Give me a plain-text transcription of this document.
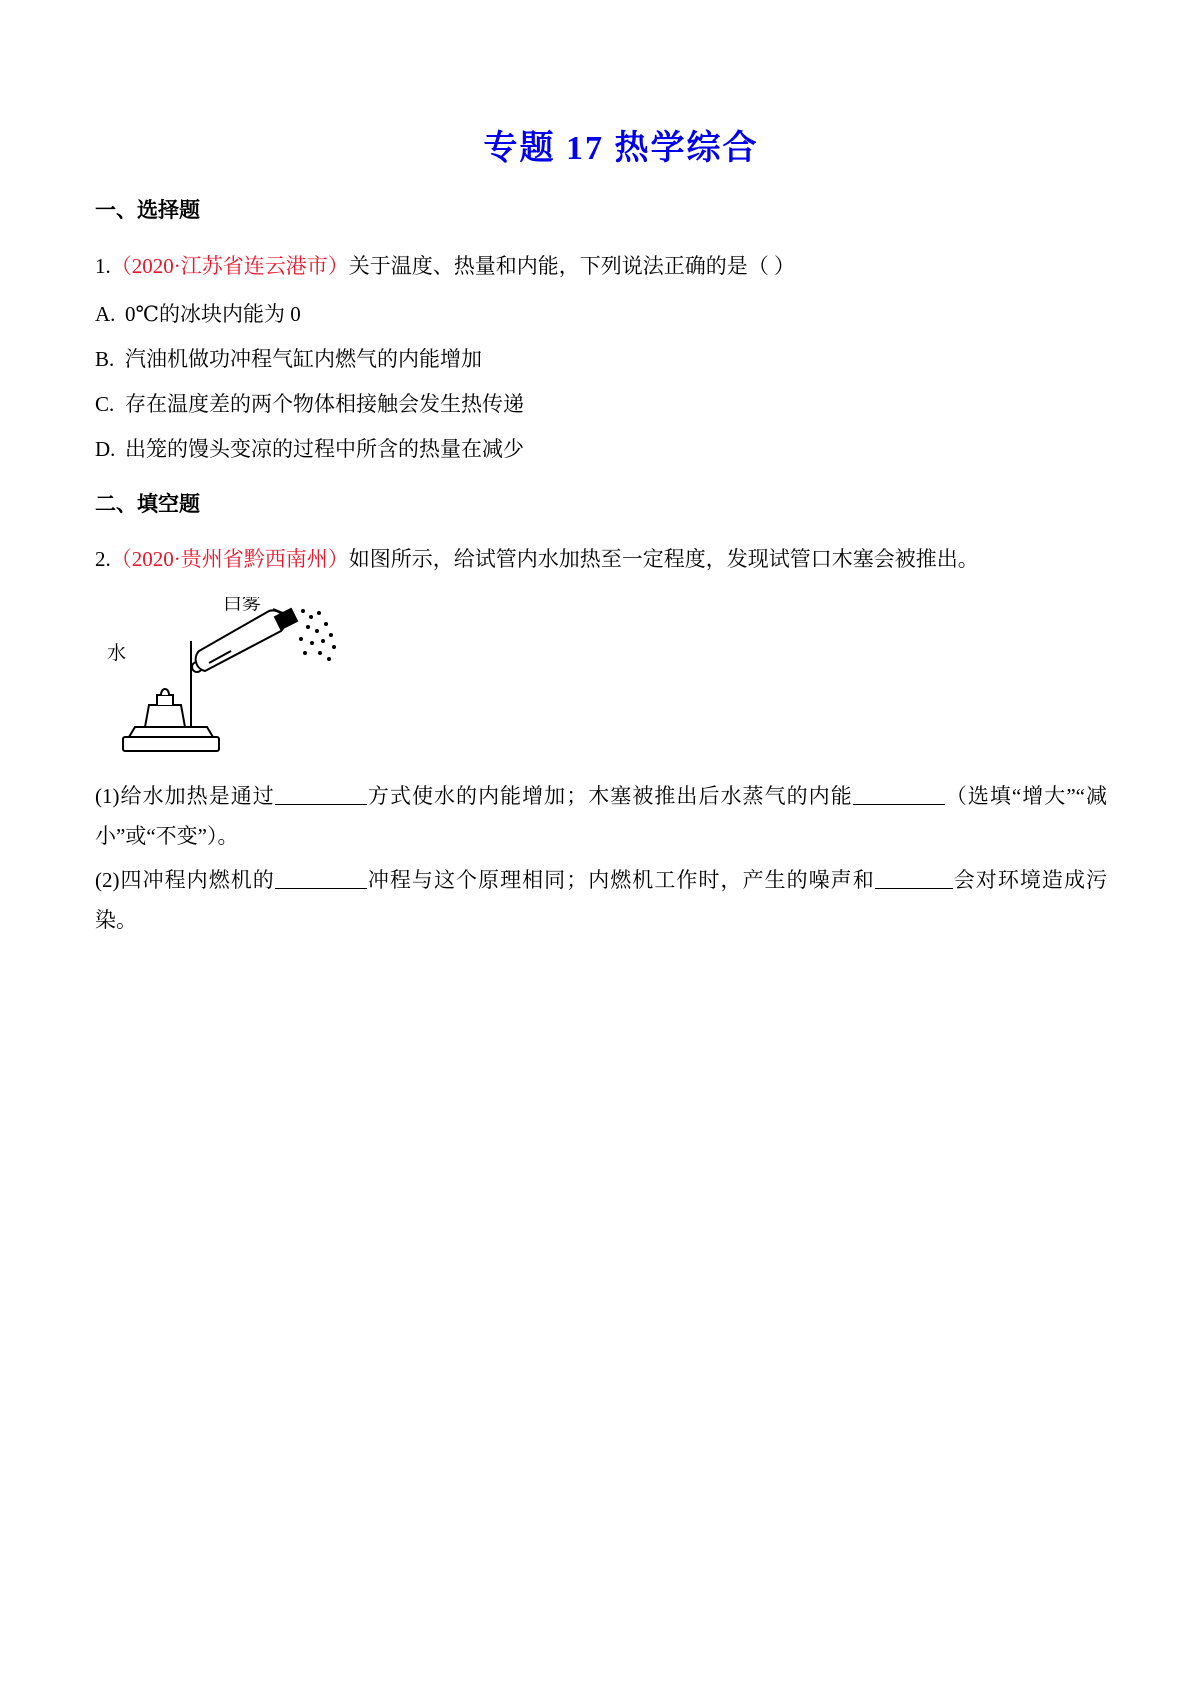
专题 17 热学综合
一、选择题

1.（2020·江苏省连云港市）关于温度、热量和内能，下列说法正确的是（ ）

A. 0℃的冰块内能为 0

B. 汽油机做功冲程气缸内燃气的内能增加

C. 存在温度差的两个物体相接触会发生热传递

D. 出笼的馒头变凉的过程中所含的热量在减少

二、填空题

2.（2020·贵州省黔西南州）如图所示，给试管内水加热至一定程度，发现试管口木塞会被推出。

白雾
水

(1)给水加热是通过	方式使水的内能增加；木塞被推出后水蒸气的内能	（选填“增大”“减小”或“不变”）。

(2)四冲程内燃机的	冲程与这个原理相同；内燃机工作时，产生的噪声和	会对环境造成污染。
